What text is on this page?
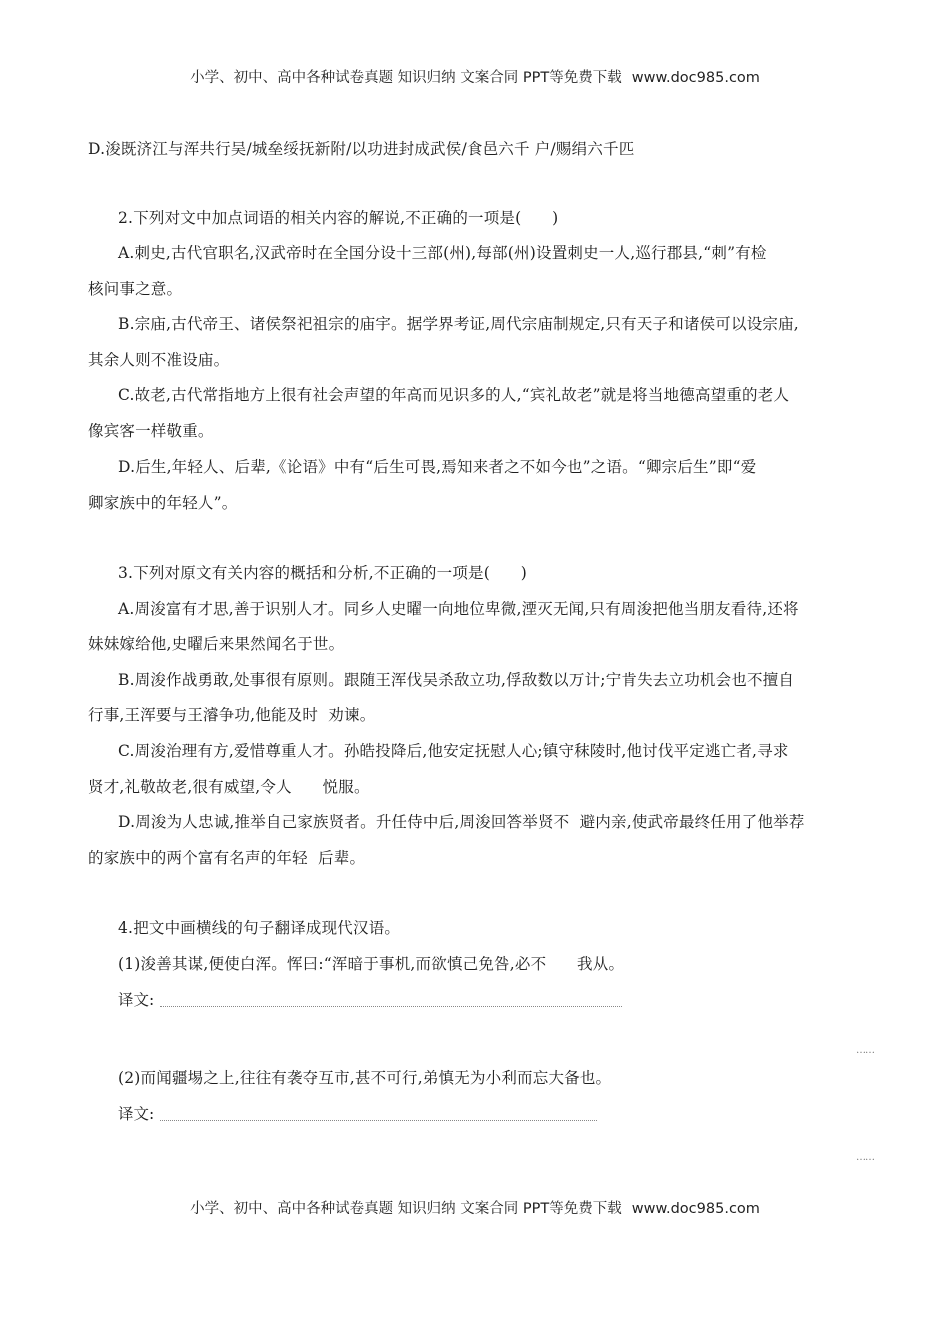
小学、初中、高中各种试卷真题 知识归纳 文案合同 PPT等免费下载 www.doc985.com
D.浚既济江与浑共行吴/城垒绥抚新附/以功进封成武侯/食邑六千 户/赐绢六千匹
2.下列对文中加点词语的相关内容的解说,不正确的一项是(      )
A.刺史,古代官职名,汉武帝时在全国分设十三部(州),每部(州)设置刺史一人,巡行郡县,“刺”有检
核问事之意。
B.宗庙,古代帝王、诸侯祭祀祖宗的庙宇。据学界考证,周代宗庙制规定,只有天子和诸侯可以设宗庙,
其余人则不准设庙。
C.故老,古代常指地方上很有社会声望的年高而见识多的人,“宾礼故老”就是将当地德高望重的老人
像宾客一样敬重。
D.后生,年轻人、后辈,《论语》中有“后生可畏,焉知来者之不如今也”之语。“卿宗后生”即“爱
卿家族中的年轻人”。
3.下列对原文有关内容的概括和分析,不正确的一项是(      )
A.周浚富有才思,善于识别人才。同乡人史曜一向地位卑微,湮灭无闻,只有周浚把他当朋友看待,还将
妹妹嫁给他,史曜后来果然闻名于世。
B.周浚作战勇敢,处事很有原则。跟随王浑伐吴杀敌立功,俘敌数以万计;宁肯失去立功机会也不擅自
行事,王浑要与王濬争功,他能及时  劝谏。
C.周浚治理有方,爱惜尊重人才。孙皓投降后,他安定抚慰人心;镇守秣陵时,他讨伐平定逃亡者,寻求
贤才,礼敬故老,很有威望,令人      悦服。
D.周浚为人忠诚,推举自己家族贤者。升任侍中后,周浚回答举贤不  避内亲,使武帝最终任用了他举荐
的家族中的两个富有名声的年轻  后辈。
4.把文中画横线的句子翻译成现代汉语。
(1)浚善其谋,便使白浑。恽曰:“浑暗于事机,而欲慎己免咎,必不      我从。
译文:
……
(2)而闻疆埸之上,往往有袭夺互市,甚不可行,弟慎无为小利而忘大备也。
译文:
……
小学、初中、高中各种试卷真题 知识归纳 文案合同 PPT等免费下载 www.doc985.com
